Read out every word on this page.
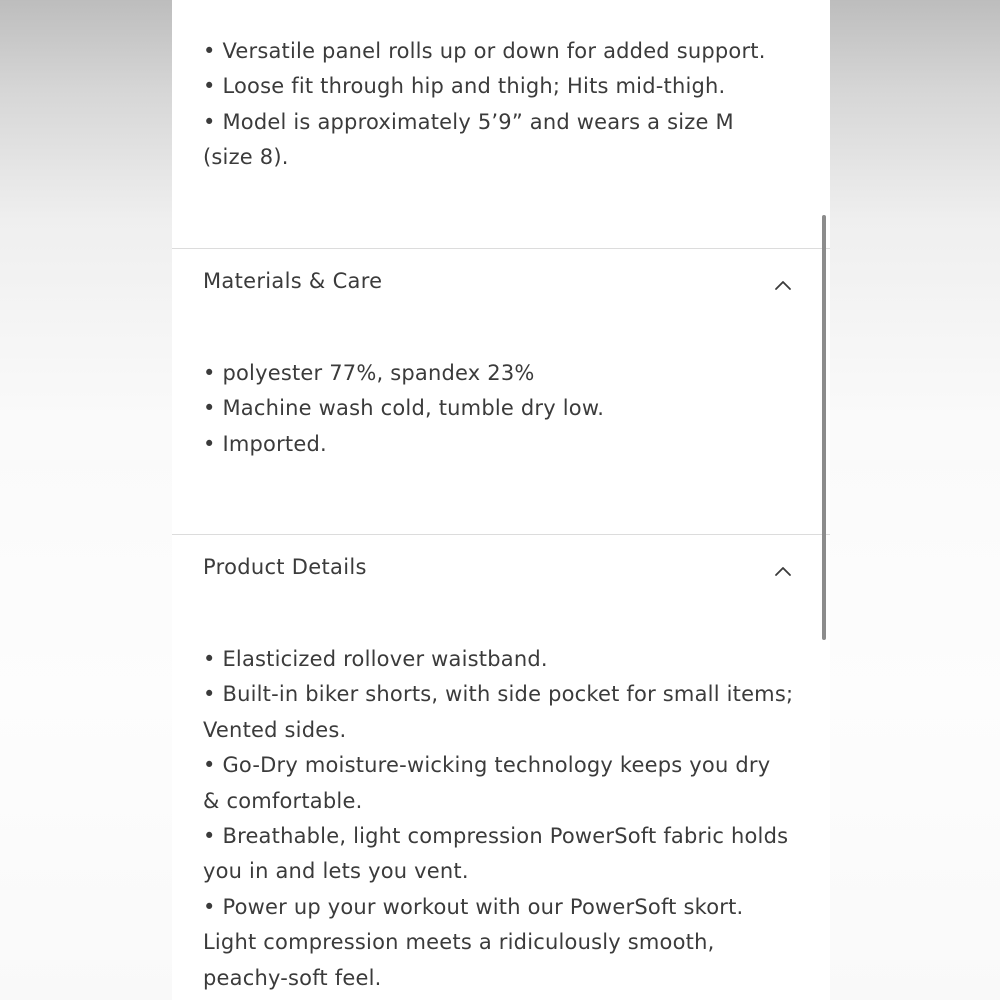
• Versatile panel rolls up or down for added support.
• Loose fit through hip and thigh; Hits mid-thigh.
• Model is approximately 5’9” and wears a size M
(size 8).
Materials & Care
• polyester 77%, spandex 23%
• Machine wash cold, tumble dry low.
• Imported.
Product Details
• Elasticized rollover waistband.
• Built-in biker shorts, with side pocket for small items;
Vented sides.
• Go-Dry moisture-wicking technology keeps you dry
& comfortable.
• Breathable, light compression PowerSoft fabric holds
you in and lets you vent.
• Power up your workout with our PowerSoft skort.
Light compression meets a ridiculously smooth,
peachy-soft feel.
